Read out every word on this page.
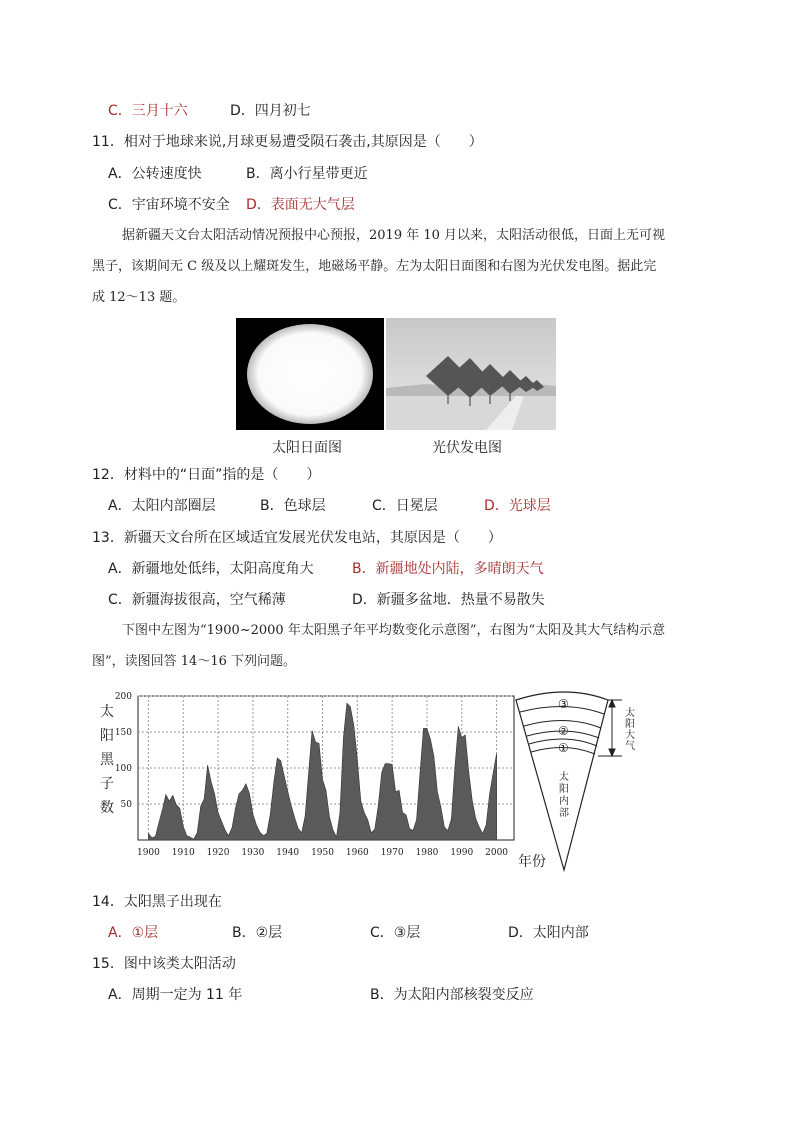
C．三月十六	D．四月初七
11．相对于地球来说,月球更易遭受陨石袭击,其原因是（　　）
A．公转速度快	B．离小行星带更近
C．宇宙环境不安全 D．表面无大气层
据新疆天文台太阳活动情况预报中心预报，2019 年 10 月以来，太阳活动很低，日面上无可视
黑子，该期间无 C 级及以上耀斑发生，地磁场平静。左为太阳日面图和右图为光伏发电图。据此完
成 12～13 题。
太阳日面图	光伏发电图
12．材料中的“日面”指的是（　　）
A．太阳内部圈层	B．色球层	C．日冕层	D．光球层
13．新疆天文台所在区域适宜发展光伏发电站，其原因是（　　）
A．新疆地处低纬，太阳高度角大	B．新疆地处内陆，多晴朗天气
C．新疆海拔很高，空气稀薄	D．新疆多盆地．热量不易散失
下图中左图为“1900~2000 年太阳黑子年平均数变化示意图”，右图为“太阳及其大气结构示意
图”，读图回答 14～16 下列问题。
太阳黑子数
200
150
100
50
1900 1910 1920 1930 1940 1950 1960 1970 1980 1990 2000
年份
③
②
①
太阳大气
太阳内部
14．太阳黑子出现在
A．①层	B．②层	C．③层	D．太阳内部
15．图中该类太阳活动
A．周期一定为 11 年	B．为太阳内部核裂变反应
